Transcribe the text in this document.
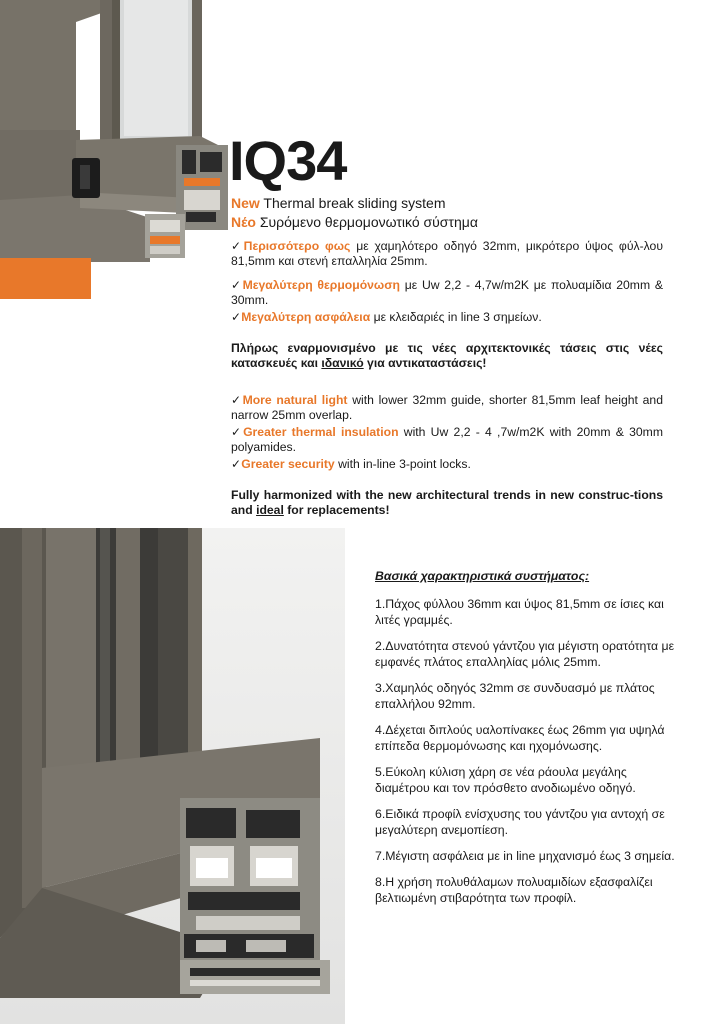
IQ34
New Thermal break sliding system
Νέο Συρόμενο θερμομονωτικό σύστημα

✓Περισσότερο φως με χαμηλότερο οδηγό 32mm, μικρότερο ύψος φύλ-λου 81,5mm και στενή επαλληλία 25mm.

✓Μεγαλύτερη θερμομόνωση με Uw 2,2 - 4,7w/m2K με πολυαμίδια 20mm & 30mm.

✓Μεγαλύτερη ασφάλεια με κλειδαριές in line 3 σημείων.

Πλήρως εναρμονισμένο με τις νέες αρχιτεκτονικές τάσεις στις νέες κατασκευές και ιδανικό για αντικαταστάσεις!

✓More natural light with lower 32mm guide, shorter 81,5mm leaf height and narrow 25mm overlap.

✓Greater thermal insulation with Uw 2,2 - 4 ,7w/m2K with 20mm & 30mm polyamides.

✓Greater security with in-line 3-point locks.

Fully harmonized with the new architectural trends in new construc-tions and ideal for replacements!
Βασικά χαρακτηριστικά συστήματος:

1.Πάχος φύλλου 36mm και ύψος 81,5mm σε ίσιες και λιτές γραμμές.

2.Δυνατότητα στενού γάντζου για μέγιστη ορατότητα με εμφανές πλάτος επαλληλίας μόλις 25mm.

3.Χαμηλός οδηγός 32mm σε συνδυασμό με πλάτος επαλλήλου 92mm.

4.Δέχεται διπλούς υαλοπίνακες έως 26mm για υψηλά επίπεδα θερμομόνωσης και ηχομόνωσης.

5.Εύκολη κύλιση χάρη σε νέα ράουλα μεγάλης διαμέτρου και τον πρόσθετο ανοδιωμένο οδηγό.

6.Ειδικά προφίλ ενίσχυσης του γάντζου για αντοχή σε μεγαλύτερη ανεμοπίεση.

7.Μέγιστη ασφάλεια με in line μηχανισμό έως 3 σημεία.

8.Η χρήση πολυθάλαμων πολυαμιδίων εξασφαλίζει βελτιωμένη στιβαρότητα των προφίλ.
